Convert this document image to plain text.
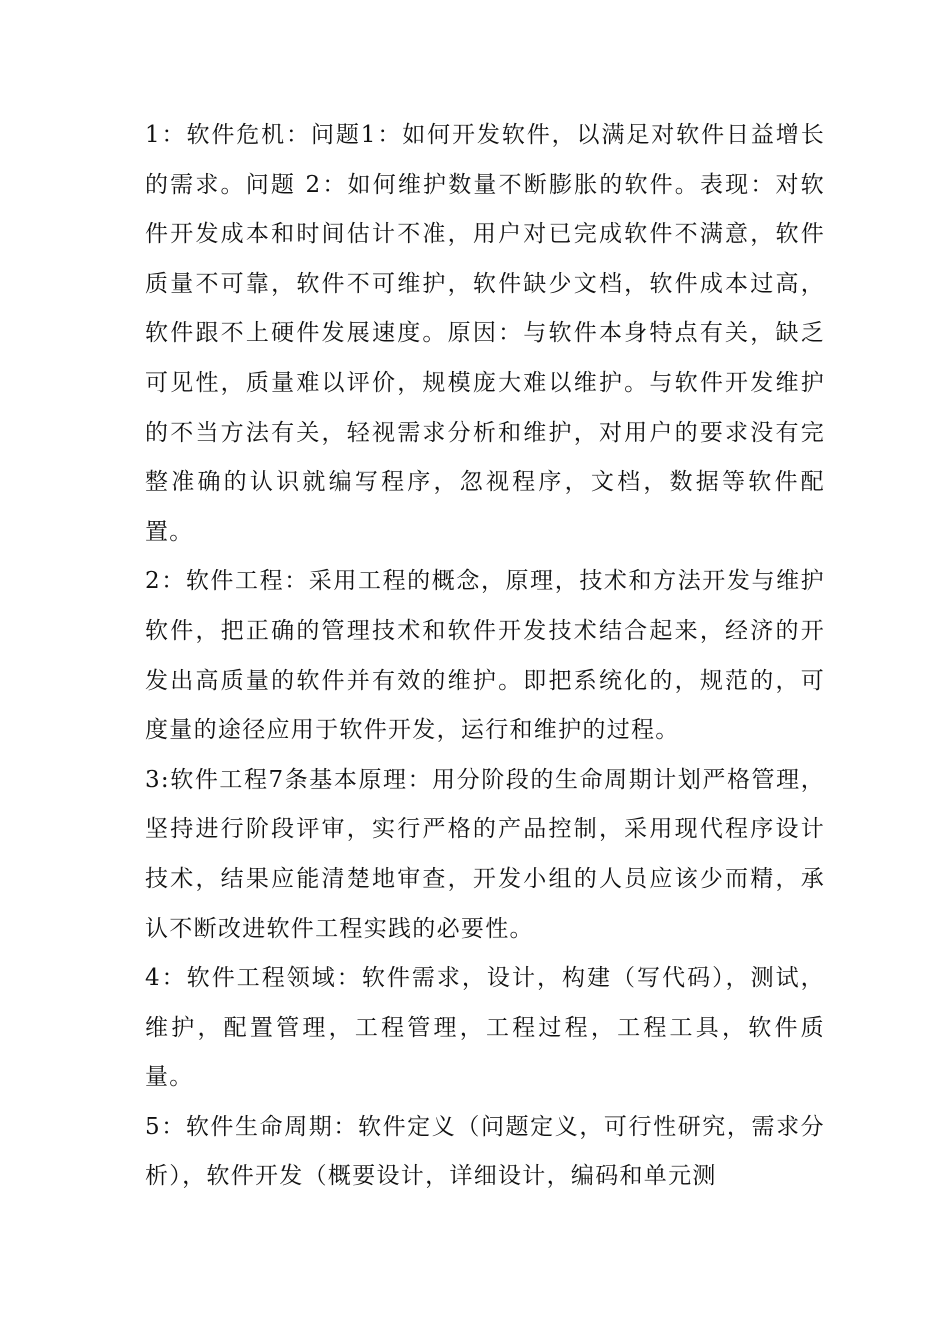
1：软件危机：问题1：如何开发软件，以满足对软件日益增长的需求。问题 2：如何维护数量不断膨胀的软件。表现：对软件开发成本和时间估计不准，用户对已完成软件不满意，软件质量不可靠，软件不可维护，软件缺少文档，软件成本过高，软件跟不上硬件发展速度。原因：与软件本身特点有关，缺乏可见性，质量难以评价，规模庞大难以维护。与软件开发维护的不当方法有关，轻视需求分析和维护，对用户的要求没有完整准确的认识就编写程序，忽视程序，文档，数据等软件配置。

2：软件工程：采用工程的概念，原理，技术和方法开发与维护软件，把正确的管理技术和软件开发技术结合起来，经济的开发出高质量的软件并有效的维护。即把系统化的，规范的，可度量的途径应用于软件开发，运行和维护的过程。

3:软件工程7条基本原理：用分阶段的生命周期计划严格管理，坚持进行阶段评审，实行严格的产品控制，采用现代程序设计技术，结果应能清楚地审查，开发小组的人员应该少而精，承认不断改进软件工程实践的必要性。

4：软件工程领域：软件需求，设计，构建（写代码），测试，维护，配置管理，工程管理，工程过程，工程工具，软件质量。

5：软件生命周期：软件定义（问题定义，可行性研究，需求分析），软件开发（概要设计，详细设计，编码和单元测
